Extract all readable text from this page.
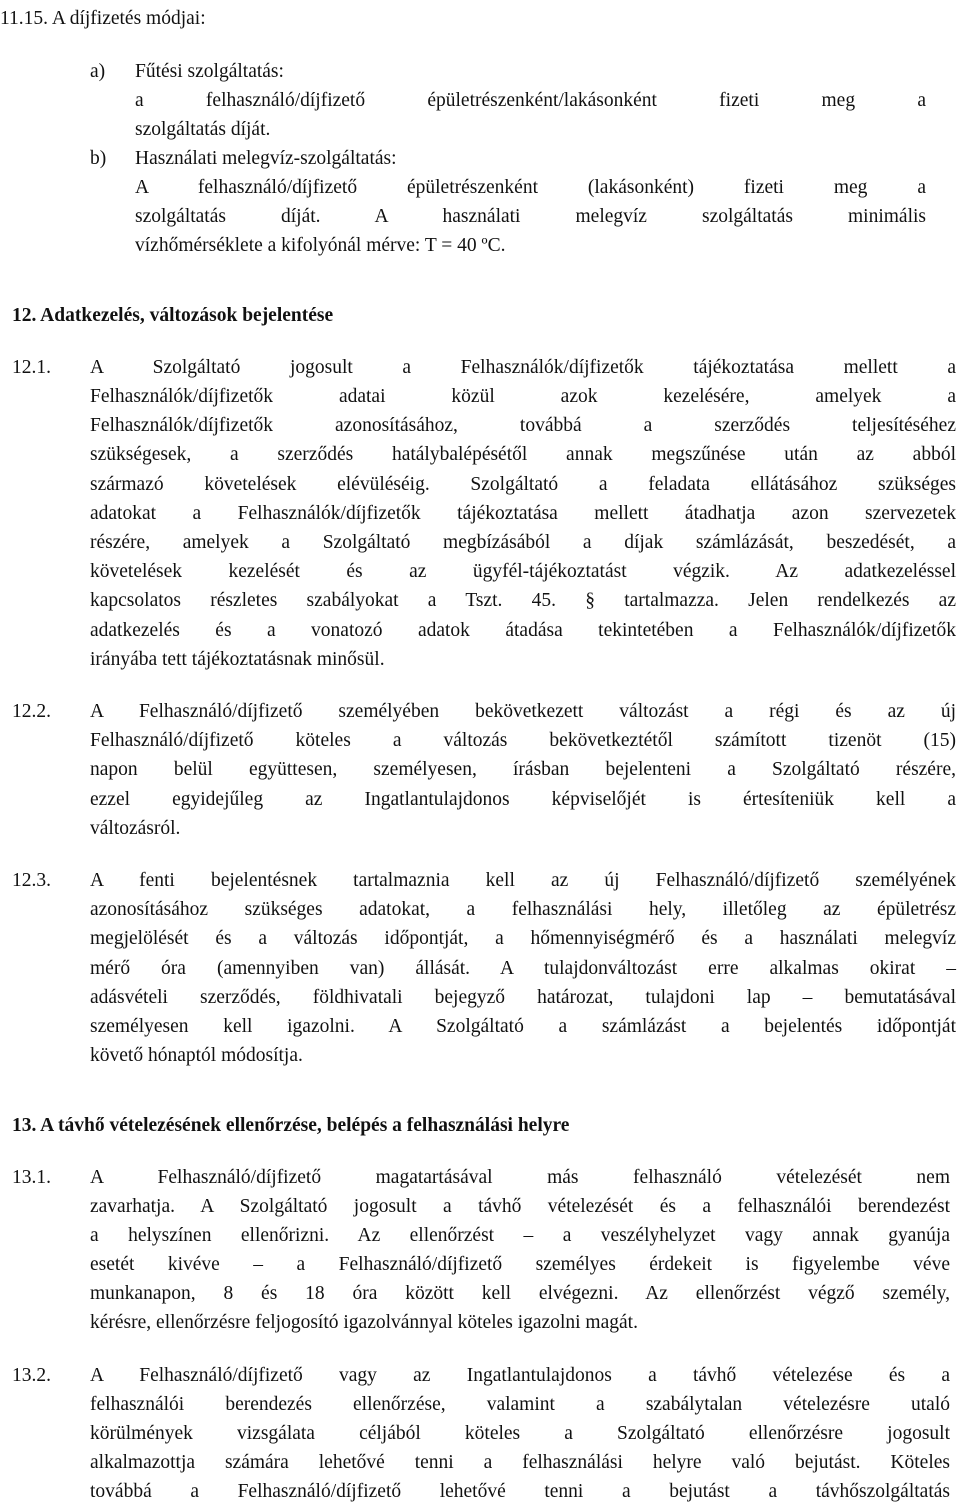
11.15. A díjfizetés módjai:
a) Fűtési szolgáltatás:
a felhasználó/díjfizető épületrészenként/lakásonként fizeti meg a
szolgáltatás díját.
b) Használati melegvíz-szolgáltatás:
A felhasználó/díjfizető épületrészenként (lakásonként) fizeti meg a
szolgáltatás díját. A használati melegvíz szolgáltatás minimális
vízhőmérséklete a kifolyónál mérve: T = 40 ºC.
12. Adatkezelés, változások bejelentése
12.1. A Szolgáltató jogosult a Felhasználók/díjfizetők tájékoztatása mellett a
Felhasználók/díjfizetők adatai közül azok kezelésére, amelyek a
Felhasználók/díjfizetők azonosításához, továbbá a szerződés teljesítéséhez
szükségesek, a szerződés hatálybalépésétől annak megszűnése után az abból
származó követelések elévüléséig. Szolgáltató a feladata ellátásához szükséges
adatokat a Felhasználók/díjfizetők tájékoztatása mellett átadhatja azon szervezetek
részére, amelyek a Szolgáltató megbízásából a díjak számlázását, beszedését, a
követelések kezelését és az ügyfél-tájékoztatást végzik. Az adatkezeléssel
kapcsolatos részletes szabályokat a Tszt. 45. § tartalmazza. Jelen rendelkezés az
adatkezelés és a vonatozó adatok átadása tekintetében a Felhasználók/díjfizetők
irányába tett tájékoztatásnak minősül.
12.2. A Felhasználó/díjfizető személyében bekövetkezett változást a régi és az új
Felhasználó/díjfizető köteles a változás bekövetkeztétől számított tizenöt (15)
napon belül együttesen, személyesen, írásban bejelenteni a Szolgáltató részére,
ezzel egyidejűleg az Ingatlantulajdonos képviselőjét is értesíteniük kell a
változásról.
12.3. A fenti bejelentésnek tartalmaznia kell az új Felhasználó/díjfizető személyének
azonosításához szükséges adatokat, a felhasználási hely, illetőleg az épületrész
megjelölését és a változás időpontját, a hőmennyiségmérő és a használati melegvíz
mérő óra (amennyiben van) állását. A tulajdonváltozást erre alkalmas okirat –
adásvételi szerződés, földhivatali bejegyző határozat, tulajdoni lap – bemutatásával
személyesen kell igazolni. A Szolgáltató a számlázást a bejelentés időpontját
követő hónaptól módosítja.
13. A távhő vételezésének ellenőrzése, belépés a felhasználási helyre
13.1. A Felhasználó/díjfizető magatartásával más felhasználó vételezését nem
zavarhatja. A Szolgáltató jogosult a távhő vételezését és a felhasználói berendezést
a helyszínen ellenőrizni. Az ellenőrzést – a veszélyhelyzet vagy annak gyanúja
esetét kivéve – a Felhasználó/díjfizető személyes érdekeit is figyelembe véve
munkanapon, 8 és 18 óra között kell elvégezni. Az ellenőrzést végző személy,
kérésre, ellenőrzésre feljogosító igazolvánnyal köteles igazolni magát.
13.2. A Felhasználó/díjfizető vagy az Ingatlantulajdonos a távhő vételezése és a
felhasználói berendezés ellenőrzése, valamint a szabálytalan vételezésre utaló
körülmények vizsgálata céljából köteles a Szolgáltató ellenőrzésre jogosult
alkalmazottja számára lehetővé tenni a felhasználási helyre való bejutást. Köteles
továbbá a Felhasználó/díjfizető lehetővé tenni a bejutást a távhőszolgáltatás
